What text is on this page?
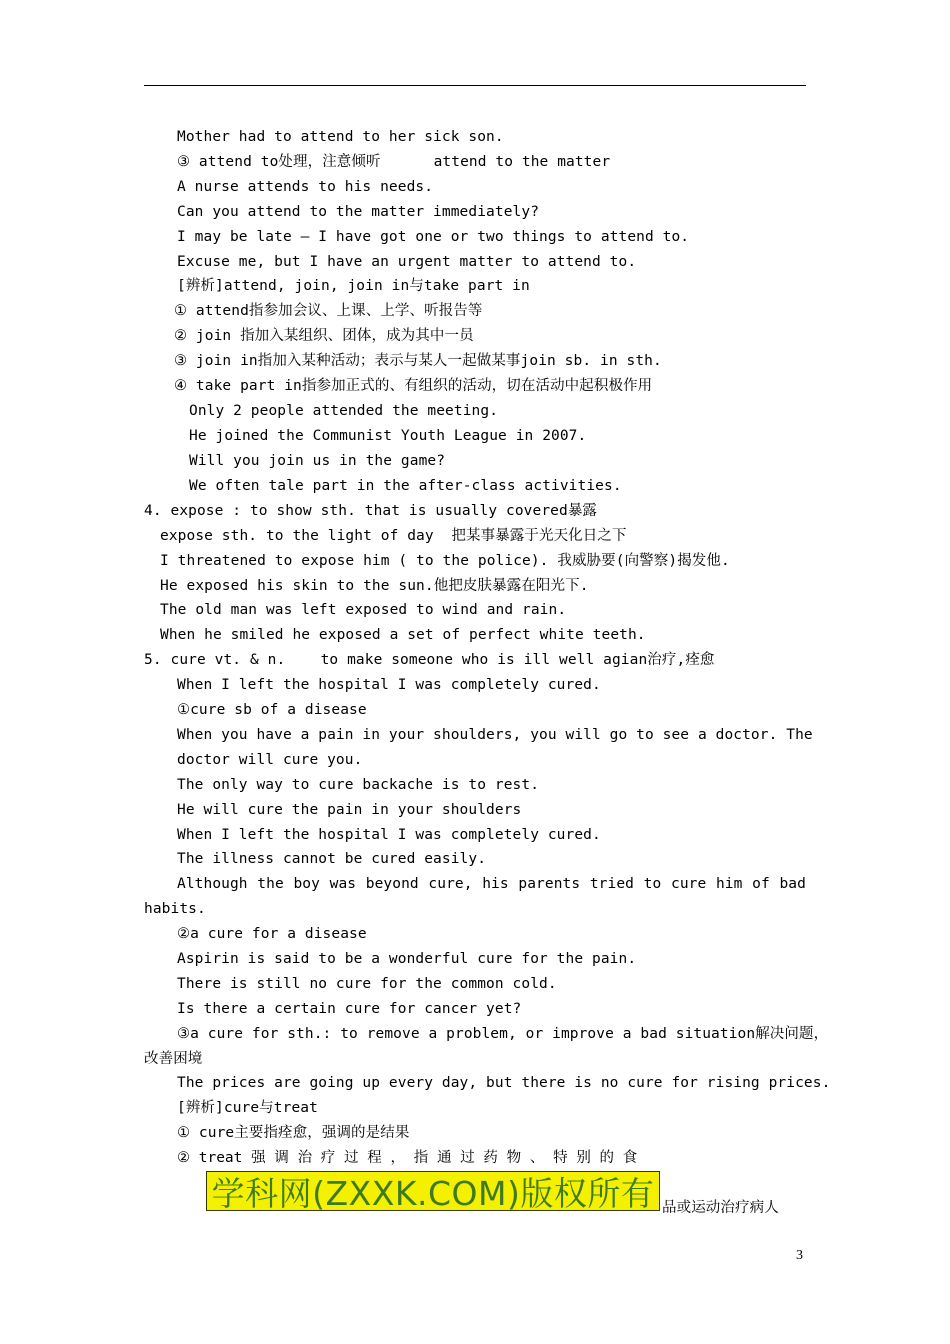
Mother had to attend to her sick son.
③ attend to处理，注意倾听      attend to the matter
A nurse attends to his needs.
Can you attend to the matter immediately?
I may be late – I have got one or two things to attend to.
Excuse me, but I have an urgent matter to attend to.
[辨析]attend, join, join in与take part in
① attend指参加会议、上课、上学、听报告等
② join 指加入某组织、团体，成为其中一员
③ join in指加入某种活动；表示与某人一起做某事join sb. in sth.
④ take part in指参加正式的、有组织的活动，切在活动中起积极作用
Only 2 people attended the meeting.
He joined the Communist Youth League in 2007.
Will you join us in the game?
We often tale part in the after-class activities.
4. expose : to show sth. that is usually covered暴露
expose sth. to the light of day  把某事暴露于光天化日之下
I threatened to expose him ( to the police). 我威胁要(向警察)揭发他.
He exposed his skin to the sun.他把皮肤暴露在阳光下.
The old man was left exposed to wind and rain.
When he smiled he exposed a set of perfect white teeth.
5. cure vt. & n.    to make someone who is ill well agian治疗,痊愈
When I left the hospital I was completely cured.
①cure sb of a disease
When you have a pain in your shoulders, you will go to see a doctor. The
doctor will cure you.
The only way to cure backache is to rest.
He will cure the pain in your shoulders
When I left the hospital I was completely cured.
The illness cannot be cured easily.
Although the boy was beyond cure, his parents tried to cure him of bad
habits.
②a cure for a disease
Aspirin is said to be a wonderful cure for the pain.
There is still no cure for the common cold.
Is there a certain cure for cancer yet?
③a cure for sth.: to remove a problem, or improve a bad situation解决问题，
改善困境
The prices are going up every day, but there is no cure for rising prices.
[辨析]cure与treat
① cure主要指痊愈，强调的是结果
② treat 强 调 治 疗 过 程 ， 指 通 过 药 物 、 特 别 的 食
品或运动治疗病人
学科网(ZXXK.COM)版权所有
3
